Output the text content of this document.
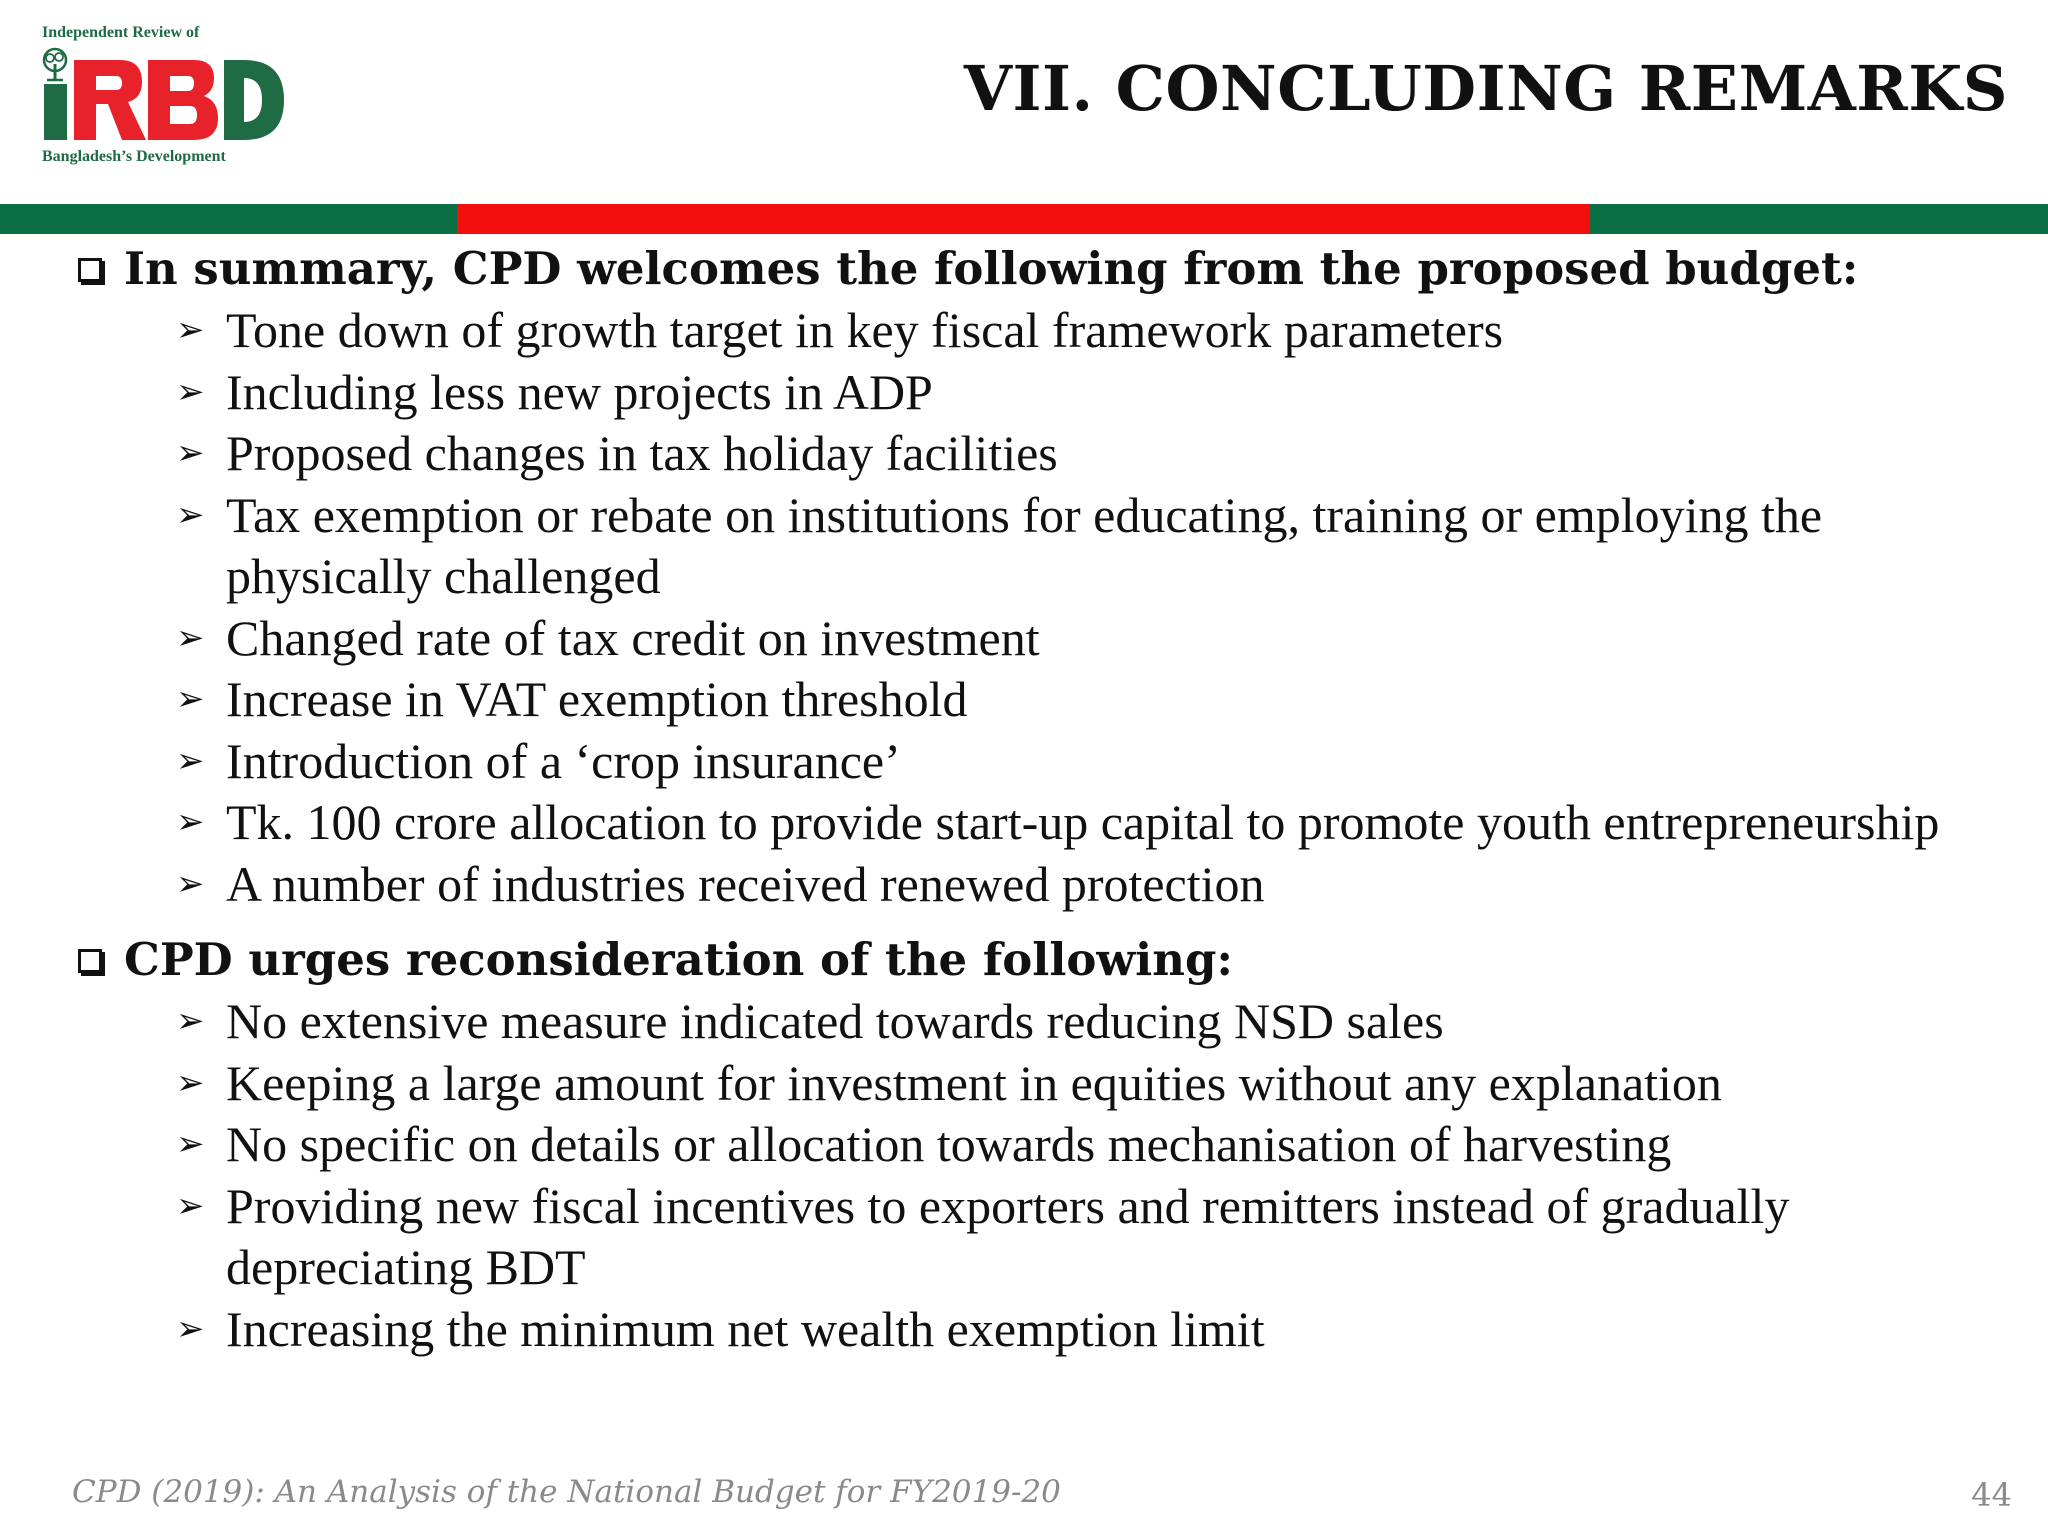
Independent Review of
Bangladesh’s Development
VII. CONCLUDING REMARKS
In summary, CPD welcomes the following from the proposed budget:
➢ Tone down of growth target in key fiscal framework parameters
➢ Including less new projects in ADP
➢ Proposed changes in tax holiday facilities
➢ Tax exemption or rebate on institutions for educating, training or employing the physically challenged
➢ Changed rate of tax credit on investment
➢ Increase in VAT exemption threshold
➢ Introduction of a ‘crop insurance’
➢ Tk. 100 crore allocation to provide start-up capital to promote youth entrepreneurship
➢ A number of industries received renewed protection
CPD urges reconsideration of the following:
➢ No extensive measure indicated towards reducing NSD sales
➢ Keeping a large amount for investment in equities without any explanation
➢ No specific on details or allocation towards mechanisation of harvesting
➢ Providing new fiscal incentives to exporters and remitters instead of gradually depreciating BDT
➢ Increasing the minimum net wealth exemption limit
CPD (2019): An Analysis of the National Budget for FY2019-20	44
